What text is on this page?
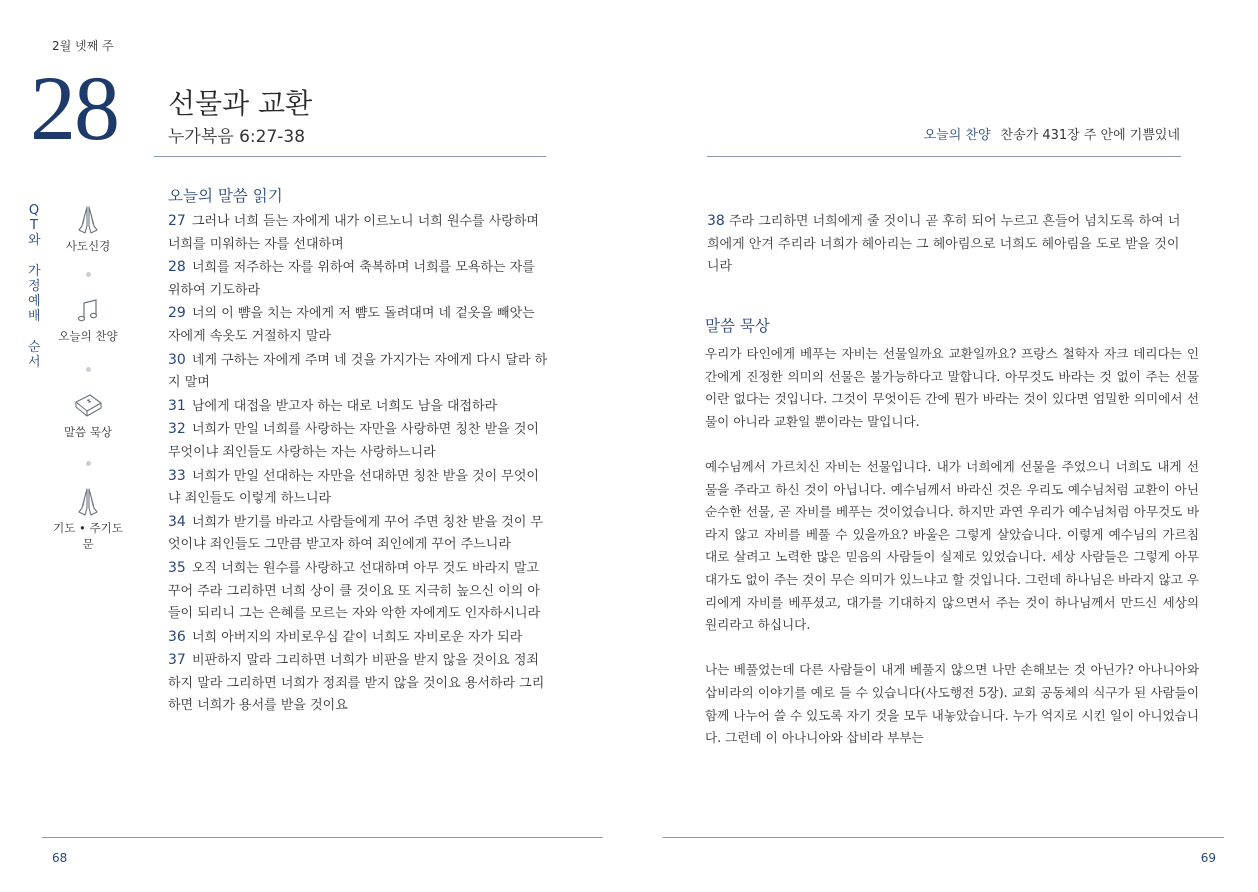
2월 넷째 주
28 선물과 교환
누가복음 6:27-38	오늘의 찬양 찬송가 431장 주 안에 기쁨있네
Q
T
와

가
정
예
배

순
서
사도신경
오늘의 찬양
말씀 묵상
기도 • 주기도문
오늘의 말씀 읽기
27 그러나 너희 듣는 자에게 내가 이르노니 너희 원수를 사랑하며 너희를 미워하는 자를 선대하며
28 너희를 저주하는 자를 위하여 축복하며 너희를 모욕하는 자를 위하여 기도하라
29 너의 이 뺨을 치는 자에게 저 뺨도 돌려대며 네 겉옷을 빼앗는 자에게 속옷도 거절하지 말라
30 네게 구하는 자에게 주며 네 것을 가지가는 자에게 다시 달라 하지 말며
31 남에게 대접을 받고자 하는 대로 너희도 남을 대접하라
32 너희가 만일 너희를 사랑하는 자만을 사랑하면 칭찬 받을 것이 무엇이냐 죄인들도 사랑하는 자는 사랑하느니라
33 너희가 만일 선대하는 자만을 선대하면 칭찬 받을 것이 무엇이냐 죄인들도 이렇게 하느니라
34 너희가 받기를 바라고 사람들에게 꾸어 주면 칭찬 받을 것이 무엇이냐 죄인들도 그만큼 받고자 하여 죄인에게 꾸어 주느니라
35 오직 너희는 원수를 사랑하고 선대하며 아무 것도 바라지 말고 꾸어 주라 그리하면 너희 상이 클 것이요 또 지극히 높으신 이의 아들이 되리니 그는 은혜를 모르는 자와 악한 자에게도 인자하시니라
36 너희 아버지의 자비로우심 같이 너희도 자비로운 자가 되라
37 비판하지 말라 그리하면 너희가 비판을 받지 않을 것이요 정죄하지 말라 그리하면 너희가 정죄를 받지 않을 것이요 용서하라 그리하면 너희가 용서를 받을 것이요
38 주라 그리하면 너희에게 줄 것이니 곧 후히 되어 누르고 흔들어 넘치도록 하여 너희에게 안겨 주리라 너희가 헤아리는 그 헤아림으로 너희도 헤아림을 도로 받을 것이니라
말씀 묵상

우리가 타인에게 베푸는 자비는 선물일까요 교환일까요? 프랑스 철학자 자크 데리다는 인간에게 진정한 의미의 선물은 불가능하다고 말합니다. 아무것도 바라는 것 없이 주는 선물이란 없다는 것입니다. 그것이 무엇이든 간에 뭔가 바라는 것이 있다면 엄밀한 의미에서 선물이 아니라 교환일 뿐이라는 말입니다.

예수님께서 가르치신 자비는 선물입니다. 내가 너희에게 선물을 주었으니 너희도 내게 선물을 주라고 하신 것이 아닙니다. 예수님께서 바라신 것은 우리도 예수님처럼 교환이 아닌 순수한 선물, 곧 자비를 베푸는 것이었습니다. 하지만 과연 우리가 예수님처럼 아무것도 바라지 않고 자비를 베풀 수 있을까요? 바울은 그렇게 살았습니다. 이렇게 예수님의 가르침 대로 살려고 노력한 많은 믿음의 사람들이 실제로 있었습니다. 세상 사람들은 그렇게 아무 대가도 없이 주는 것이 무슨 의미가 있느냐고 할 것입니다. 그런데 하나님은 바라지 않고 우리에게 자비를 베푸셨고, 대가를 기대하지 않으면서 주는 것이 하나님께서 만드신 세상의 원리라고 하십니다.

나는 베풀었는데 다른 사람들이 내게 베풀지 않으면 나만 손해보는 것 아닌가? 아나니아와 삽비라의 이야기를 예로 들 수 있습니다(사도행전 5장). 교회 공동체의 식구가 된 사람들이 함께 나누어 쓸 수 있도록 자기 것을 모두 내놓았습니다. 누가 억지로 시킨 일이 아니었습니다. 그런데 이 아나니아와 삽비라 부부는

68	69
